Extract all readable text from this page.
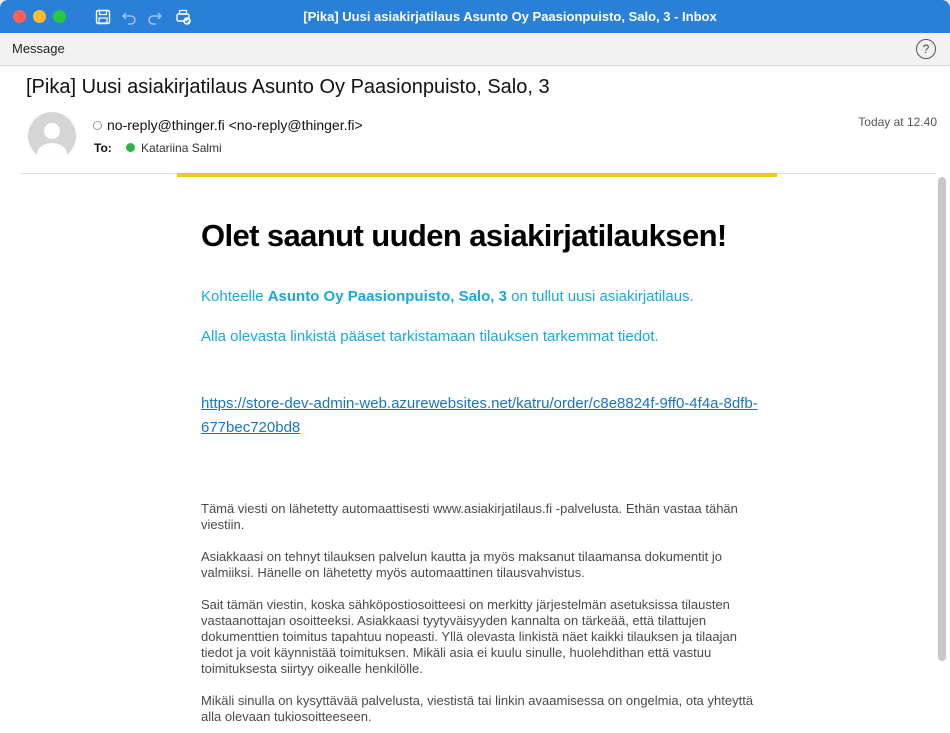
[Pika] Uusi asiakirjatilaus Asunto Oy Paasionpuisto, Salo, 3 - Inbox
Message	?
[Pika] Uusi asiakirjatilaus Asunto Oy Paasionpuisto, Salo, 3
no-reply@thinger.fi <no-reply@thinger.fi>
To: Katariina Salmi
Today at 12.40
Olet saanut uuden asiakirjatilauksen!
Kohteelle Asunto Oy Paasionpuisto, Salo, 3 on tullut uusi asiakirjatilaus.
Alla olevasta linkistä pääset tarkistamaan tilauksen tarkemmat tiedot.
https://store-dev-admin-web.azurewebsites.net/katru/order/c8e8824f-9ff0-4f4a-8dfb-677bec720bd8
Tämä viesti on lähetetty automaattisesti www.asiakirjatilaus.fi -palvelusta. Ethän vastaa tähän viestiin.
Asiakkaasi on tehnyt tilauksen palvelun kautta ja myös maksanut tilaamansa dokumentit jo valmiiksi. Hänelle on lähetetty myös automaattinen tilausvahvistus.
Sait tämän viestin, koska sähköpostiosoitteesi on merkitty järjestelmän asetuksissa tilausten vastaanottajan osoitteeksi. Asiakkaasi tyytyväisyyden kannalta on tärkeää, että tilattujen dokumenttien toimitus tapahtuu nopeasti. Yllä olevasta linkistä näet kaikki tilauksen ja tilaajan tiedot ja voit käynnistää toimituksen. Mikäli asia ei kuulu sinulle, huolehdithan että vastuu toimituksesta siirtyy oikealle henkilölle.
Mikäli sinulla on kysyttävää palvelusta, viestistä tai linkin avaamisessa on ongelmia, ota yhteyttä alla olevaan tukiosoitteeseen.
